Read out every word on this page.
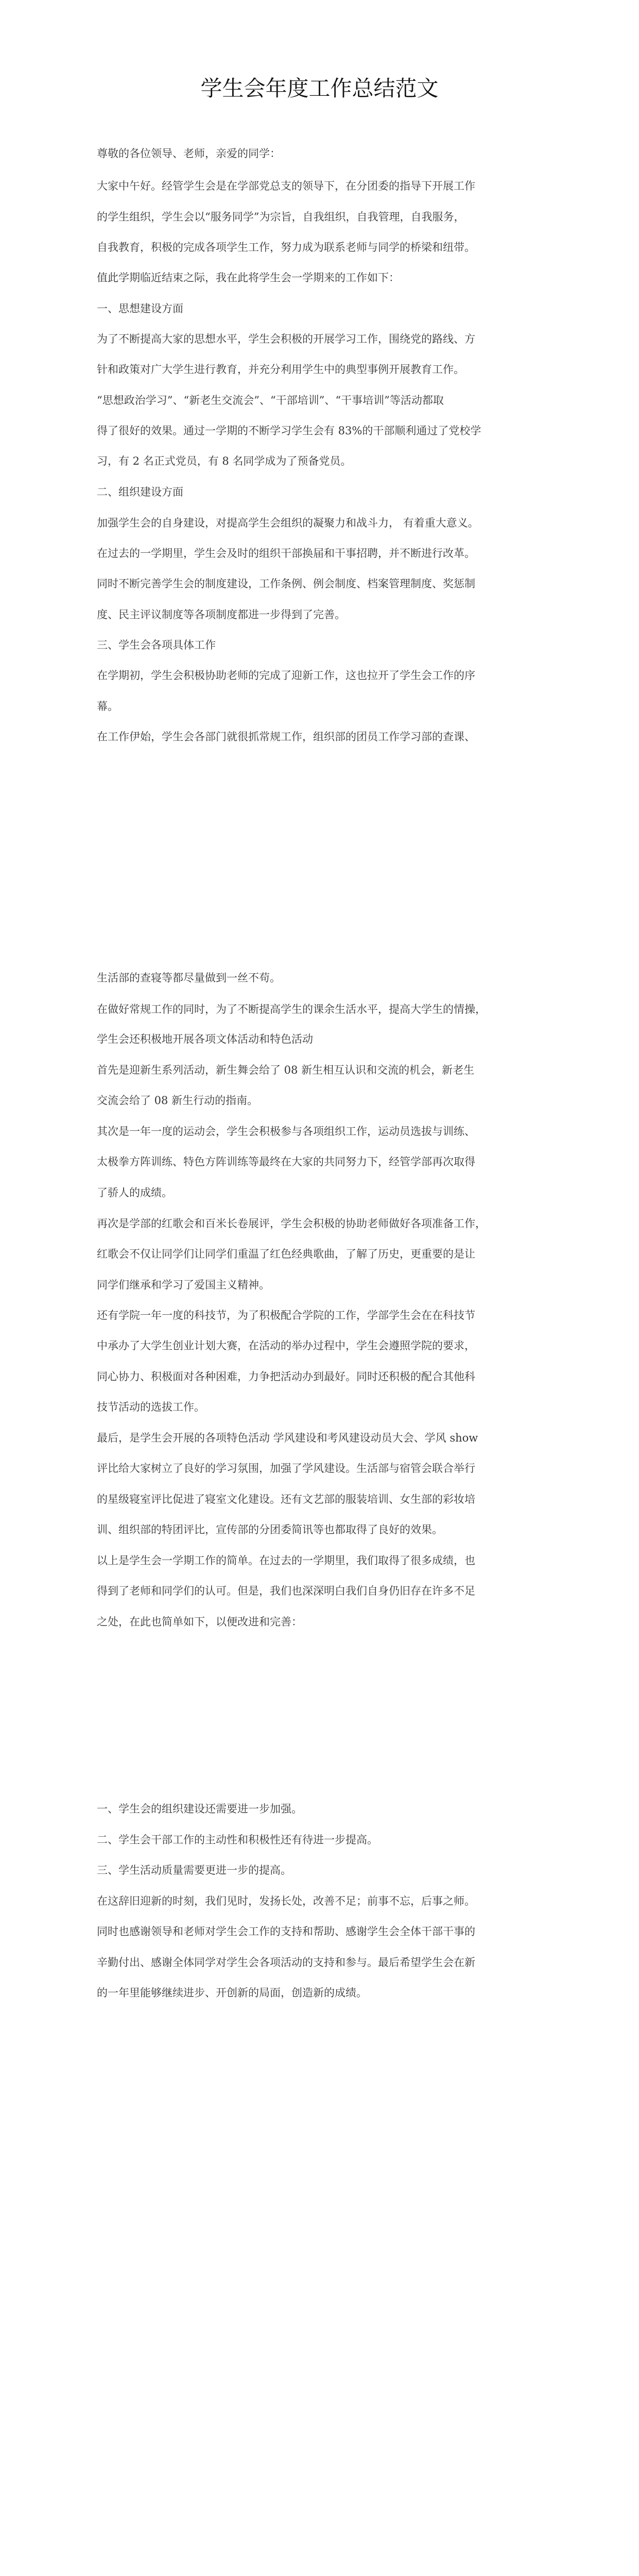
学生会年度工作总结范文

尊敬的各位领导、老师，亲爱的同学：

大家中午好。经管学生会是在学部党总支的领导下，在分团委的指导下开展工作

的学生组织，学生会以“服务同学”为宗旨，自我组织，自我管理，自我服务，

自我教育，积极的完成各项学生工作，努力成为联系老师与同学的桥梁和纽带。

值此学期临近结束之际，我在此将学生会一学期来的工作如下：

一、思想建设方面

为了不断提高大家的思想水平，学生会积极的开展学习工作，围绕党的路线、方

针和政策对广大学生进行教育，并充分利用学生中的典型事例开展教育工作。

“思想政治学习”、“新老生交流会”、“干部培训”、“干事培训”等活动都取

得了很好的效果。通过一学期的不断学习学生会有 83%的干部顺利通过了党校学

习，有 2 名正式党员，有 8 名同学成为了预备党员。

二、组织建设方面

加强学生会的自身建设，对提高学生会组织的凝聚力和战斗力， 有着重大意义。

在过去的一学期里，学生会及时的组织干部换届和干事招聘，并不断进行改革。

同时不断完善学生会的制度建设，工作条例、例会制度、档案管理制度、奖惩制

度、民主评议制度等各项制度都进一步得到了完善。

三、学生会各项具体工作

在学期初，学生会积极协助老师的完成了迎新工作，这也拉开了学生会工作的序

幕。

在工作伊始，学生会各部门就很抓常规工作，组织部的团员工作学习部的查课、

生活部的查寝等都尽量做到一丝不苟。

在做好常规工作的同时，为了不断提高学生的课余生活水平，提高大学生的情操，

学生会还积极地开展各项文体活动和特色活动

首先是迎新生系列活动，新生舞会给了 08 新生相互认识和交流的机会，新老生

交流会给了 08 新生行动的指南。

其次是一年一度的运动会，学生会积极参与各项组织工作，运动员选拔与训练、

太极拳方阵训练、特色方阵训练等最终在大家的共同努力下，经管学部再次取得

了骄人的成绩。

再次是学部的红歌会和百米长卷展评，学生会积极的协助老师做好各项准备工作，

红歌会不仅让同学们让同学们重温了红色经典歌曲，了解了历史，更重要的是让

同学们继承和学习了爱国主义精神。

还有学院一年一度的科技节，为了积极配合学院的工作，学部学生会在在科技节

中承办了大学生创业计划大赛，在活动的举办过程中，学生会遵照学院的要求，

同心协力、积极面对各种困难，力争把活动办到最好。同时还积极的配合其他科

技节活动的选拔工作。

最后，是学生会开展的各项特色活动 学风建设和考风建设动员大会、学风 show

评比给大家树立了良好的学习氛围，加强了学风建设。生活部与宿管会联合举行

的星级寝室评比促进了寝室文化建设。还有文艺部的服装培训、女生部的彩妆培

训、组织部的特团评比，宣传部的分团委简讯等也都取得了良好的效果。

以上是学生会一学期工作的简单。在过去的一学期里，我们取得了很多成绩，也

得到了老师和同学们的认可。但是，我们也深深明白我们自身仍旧存在许多不足

之处，在此也简单如下，以便改进和完善：

一、学生会的组织建设还需要进一步加强。

二、学生会干部工作的主动性和积极性还有待进一步提高。

三、学生活动质量需要更进一步的提高。

在这辞旧迎新的时刻，我们见时，发扬长处，改善不足；前事不忘，后事之师。

同时也感谢领导和老师对学生会工作的支持和帮助、感谢学生会全体干部干事的

辛勤付出、感谢全体同学对学生会各项活动的支持和参与。最后希望学生会在新

的一年里能够继续进步、开创新的局面，创造新的成绩。
